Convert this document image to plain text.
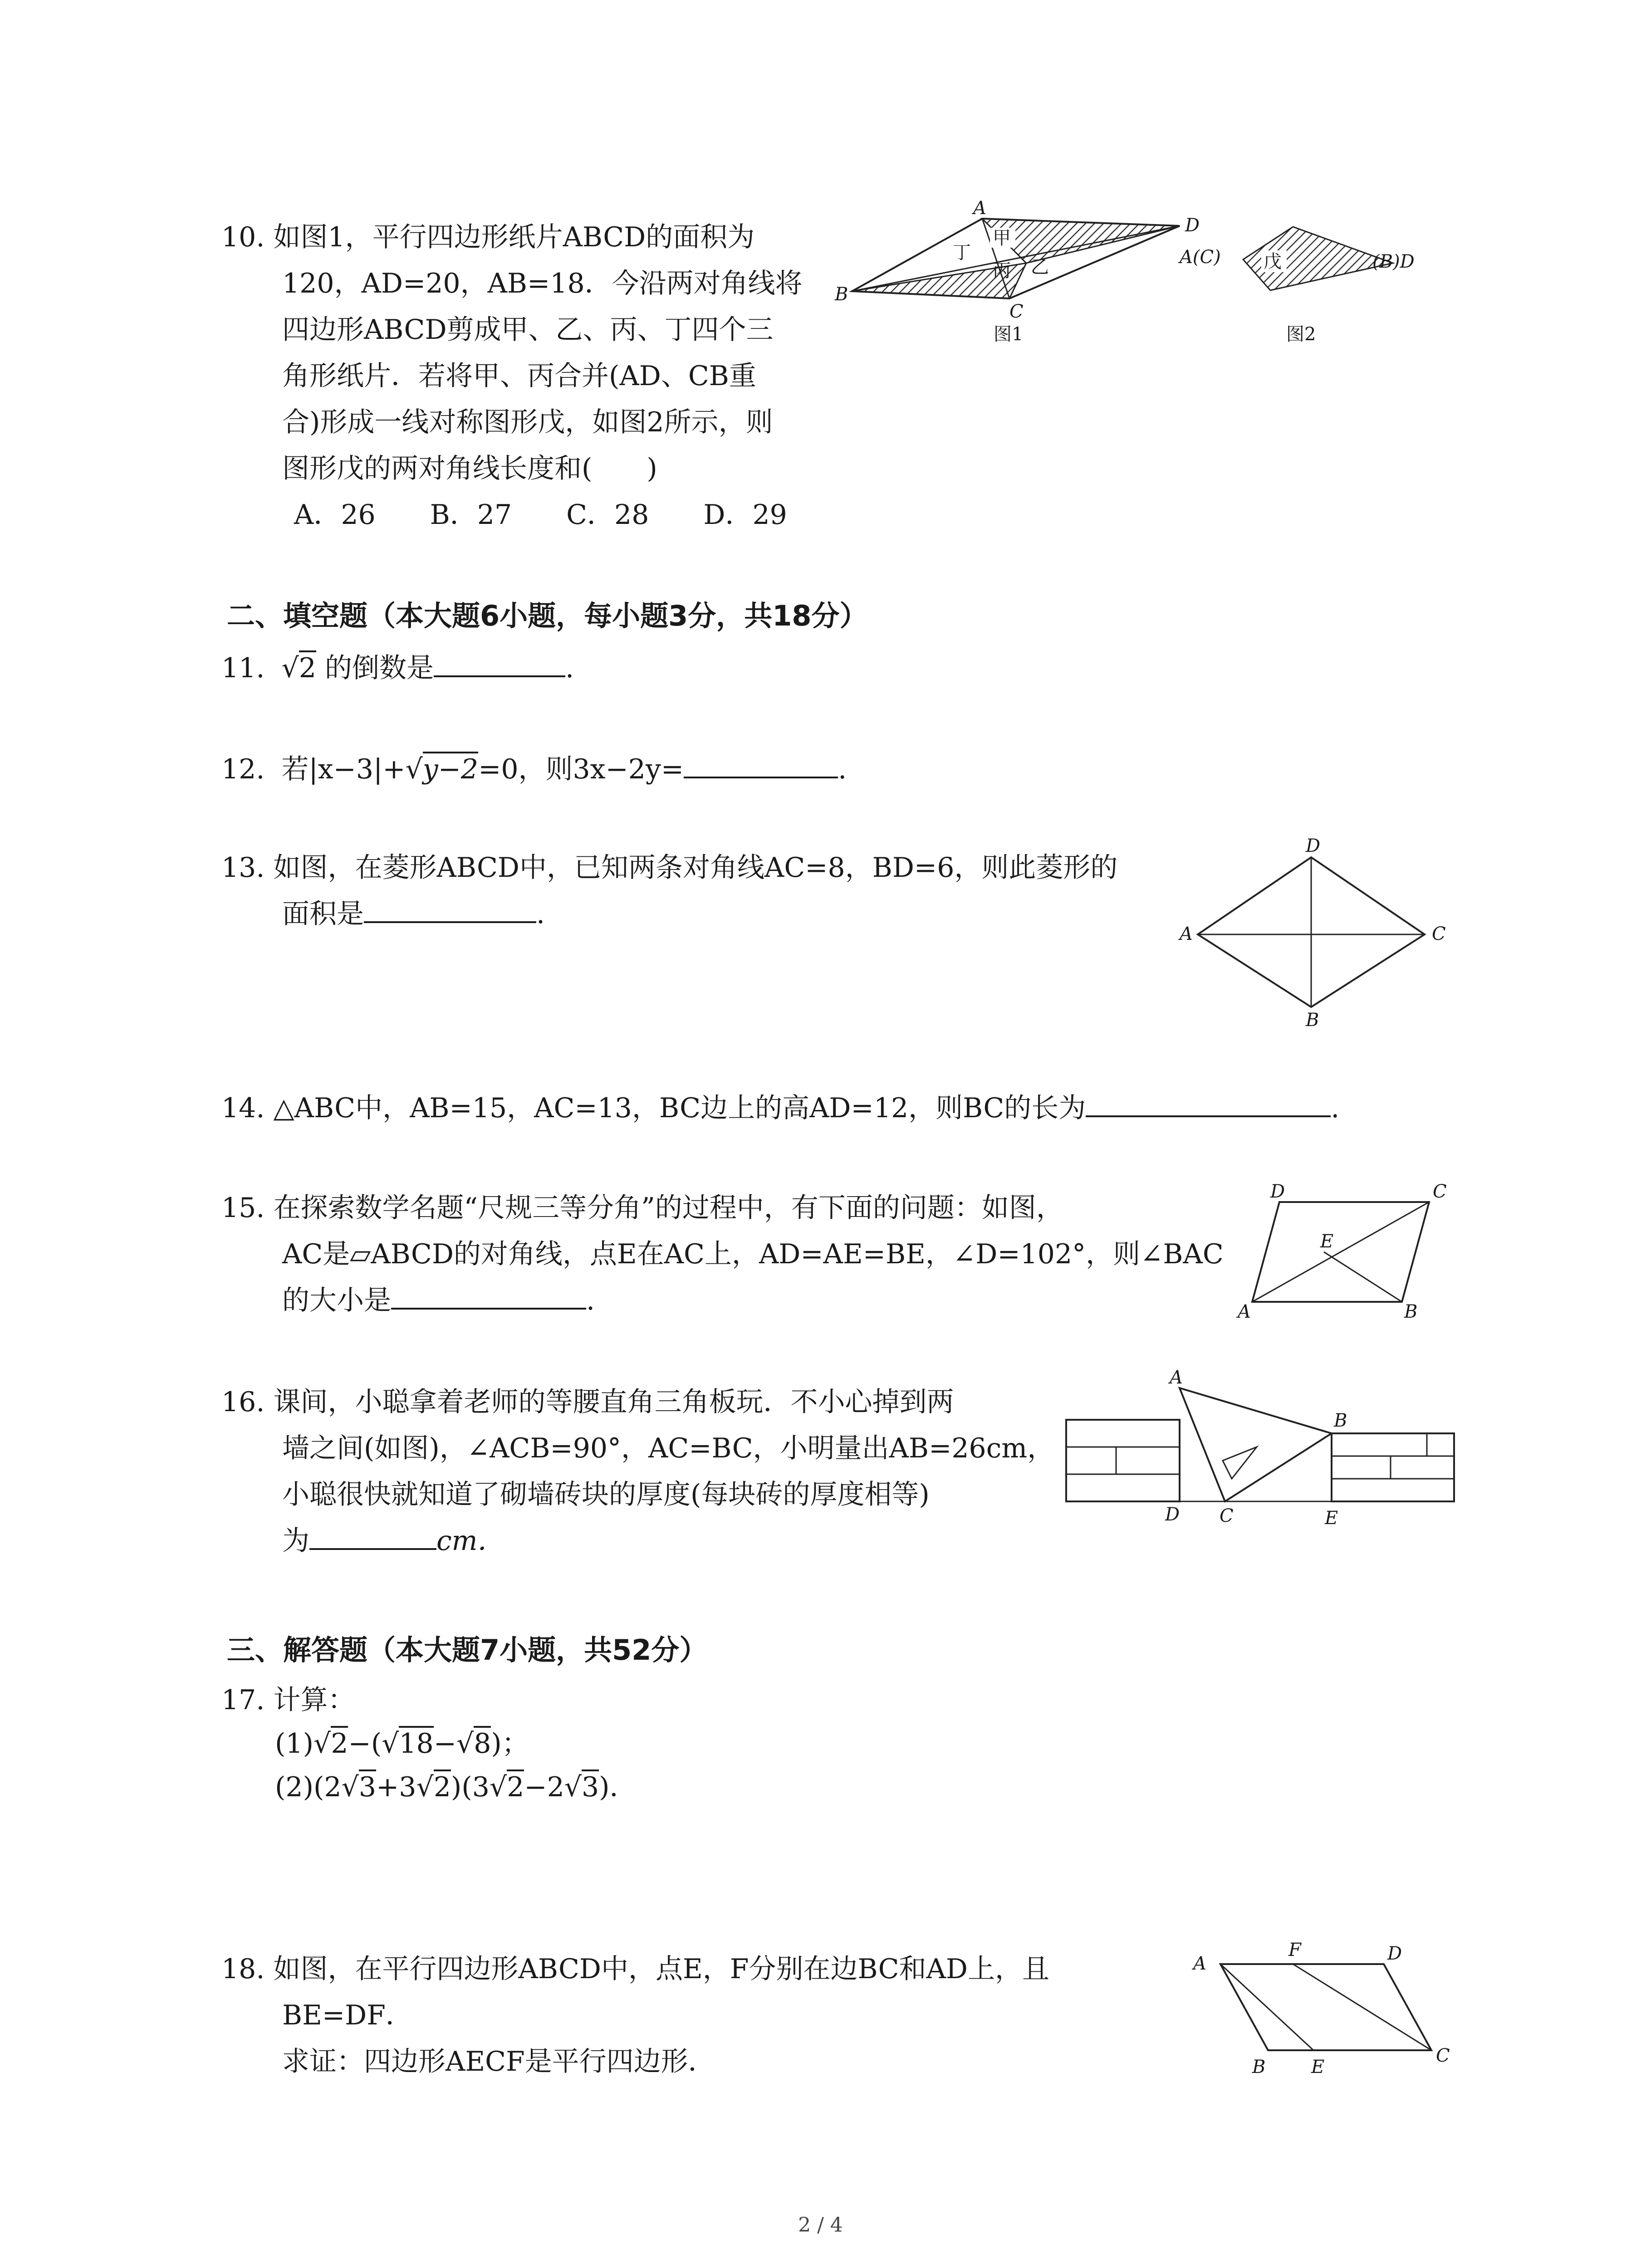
10. 如图1，平行四边形纸片ABCD的面积为
120，AD=20，AB=18．今沿两对角线将
四边形ABCD剪成甲、乙、丙、丁四个三
角形纸片．若将甲、丙合并(AD、CB重
合)形成一线对称图形戊，如图2所示，则
图形戊的两对角线长度和(　　)
A．26　　B．27　　C．28　　D．29
A
B
C
D
甲
乙
丙
丁
图1
戊
A(C)	(B)D
图2
二、填空题（本大题6小题，每小题3分，共18分）
11. √2 的倒数是	.
12. 若|x−3|+√y−2=0，则3x−2y=	.
13. 如图，在菱形ABCD中，已知两条对角线AC=8，BD=6，则此菱形的
面积是	.
A
B
C
D
14. △ABC中，AB=15，AC=13，BC边上的高AD=12，则BC的长为	.
15. 在探索数学名题“尺规三等分角”的过程中，有下面的问题：如图，
AC是▱ABCD的对角线，点E在AC上，AD=AE=BE，∠D=102°，则∠BAC
的大小是	.	A	B
C
D
E
16. 课间，小聪拿着老师的等腰直角三角板玩．不小心掉到两
墙之间(如图)，∠ACB=90°，AC=BC，小明量出AB=26cm，
小聪很快就知道了砌墙砖块的厚度(每块砖的厚度相等)
为	cm．
A
B
C
D	E
三、解答题（本大题7小题，共52分）
17. 计算：
(1)√2−(√18−√8)；
(2)(2√3+3√2)(3√2−2√3)．
18. 如图，在平行四边形ABCD中，点E，F分别在边BC和AD上，且
BE=DF．
求证：四边形AECF是平行四边形．
A
B
C
D
E
F
2 / 4
